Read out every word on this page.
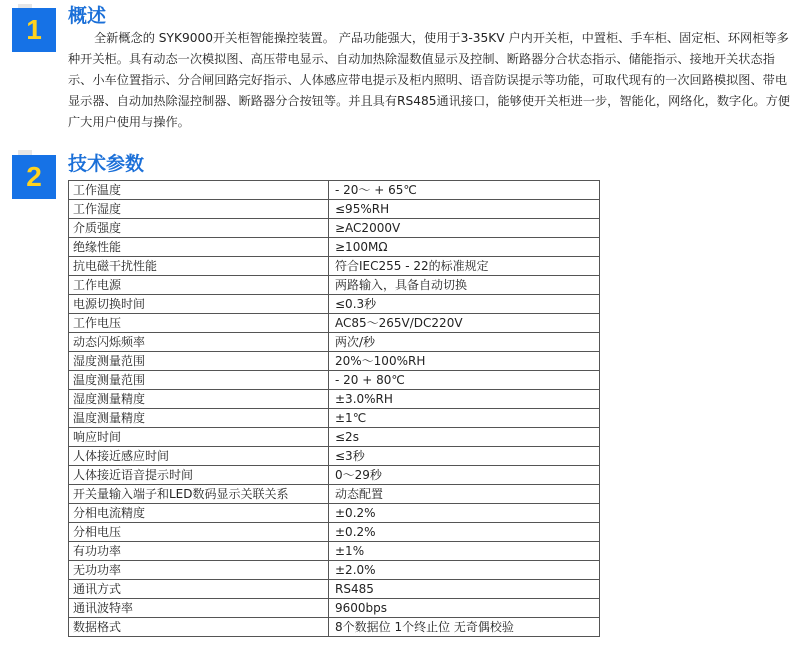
1	概述

全新概念的 SYK9000开关柜智能操控装置。 产品功能强大，使用于3-35KV 户内开关柜，中置柜、手车柜、固定柜、环网柜等多种开关柜。具有动态一次模拟图、高压带电显示、自动加热除湿数值显示及控制、断路器分合状态指示、储能指示、接地开关状态指示、小车位置指示、分合闸回路完好指示、人体感应带电提示及柜内照明、语音防误提示等功能，可取代现有的一次回路模拟图、带电显示器、自动加热除湿控制器、断路器分合按钮等。并且具有RS485通讯接口，能够使开关柜进一步，智能化，网络化，数字化。方便广大用户使用与操作。

2	技术参数
工作温度	- 20～ + 65℃
工作湿度	≤95%RH
介质强度	≥AC2000V
绝缘性能	≥100MΩ
抗电磁干扰性能	符合IEC255 - 22的标准规定
工作电源	两路输入，具备自动切换
电源切换时间	≤0.3秒
工作电压	AC85～265V/DC220V
动态闪烁频率	两次/秒
湿度测量范围	20%～100%RH
温度测量范围	- 20 + 80℃
湿度测量精度	±3.0%RH
温度测量精度	±1℃
响应时间	≤2s
人体接近感应时间	≤3秒
人体接近语音提示时间	0～29秒
开关量输入端子和LED数码显示关联关系	动态配置
分相电流精度	±0.2%
分相电压	±0.2%
有功功率	±1%
无功功率	±2.0%
通讯方式	RS485
通讯波特率	9600bps
数据格式	8个数据位 1个终止位 无奇偶校验
